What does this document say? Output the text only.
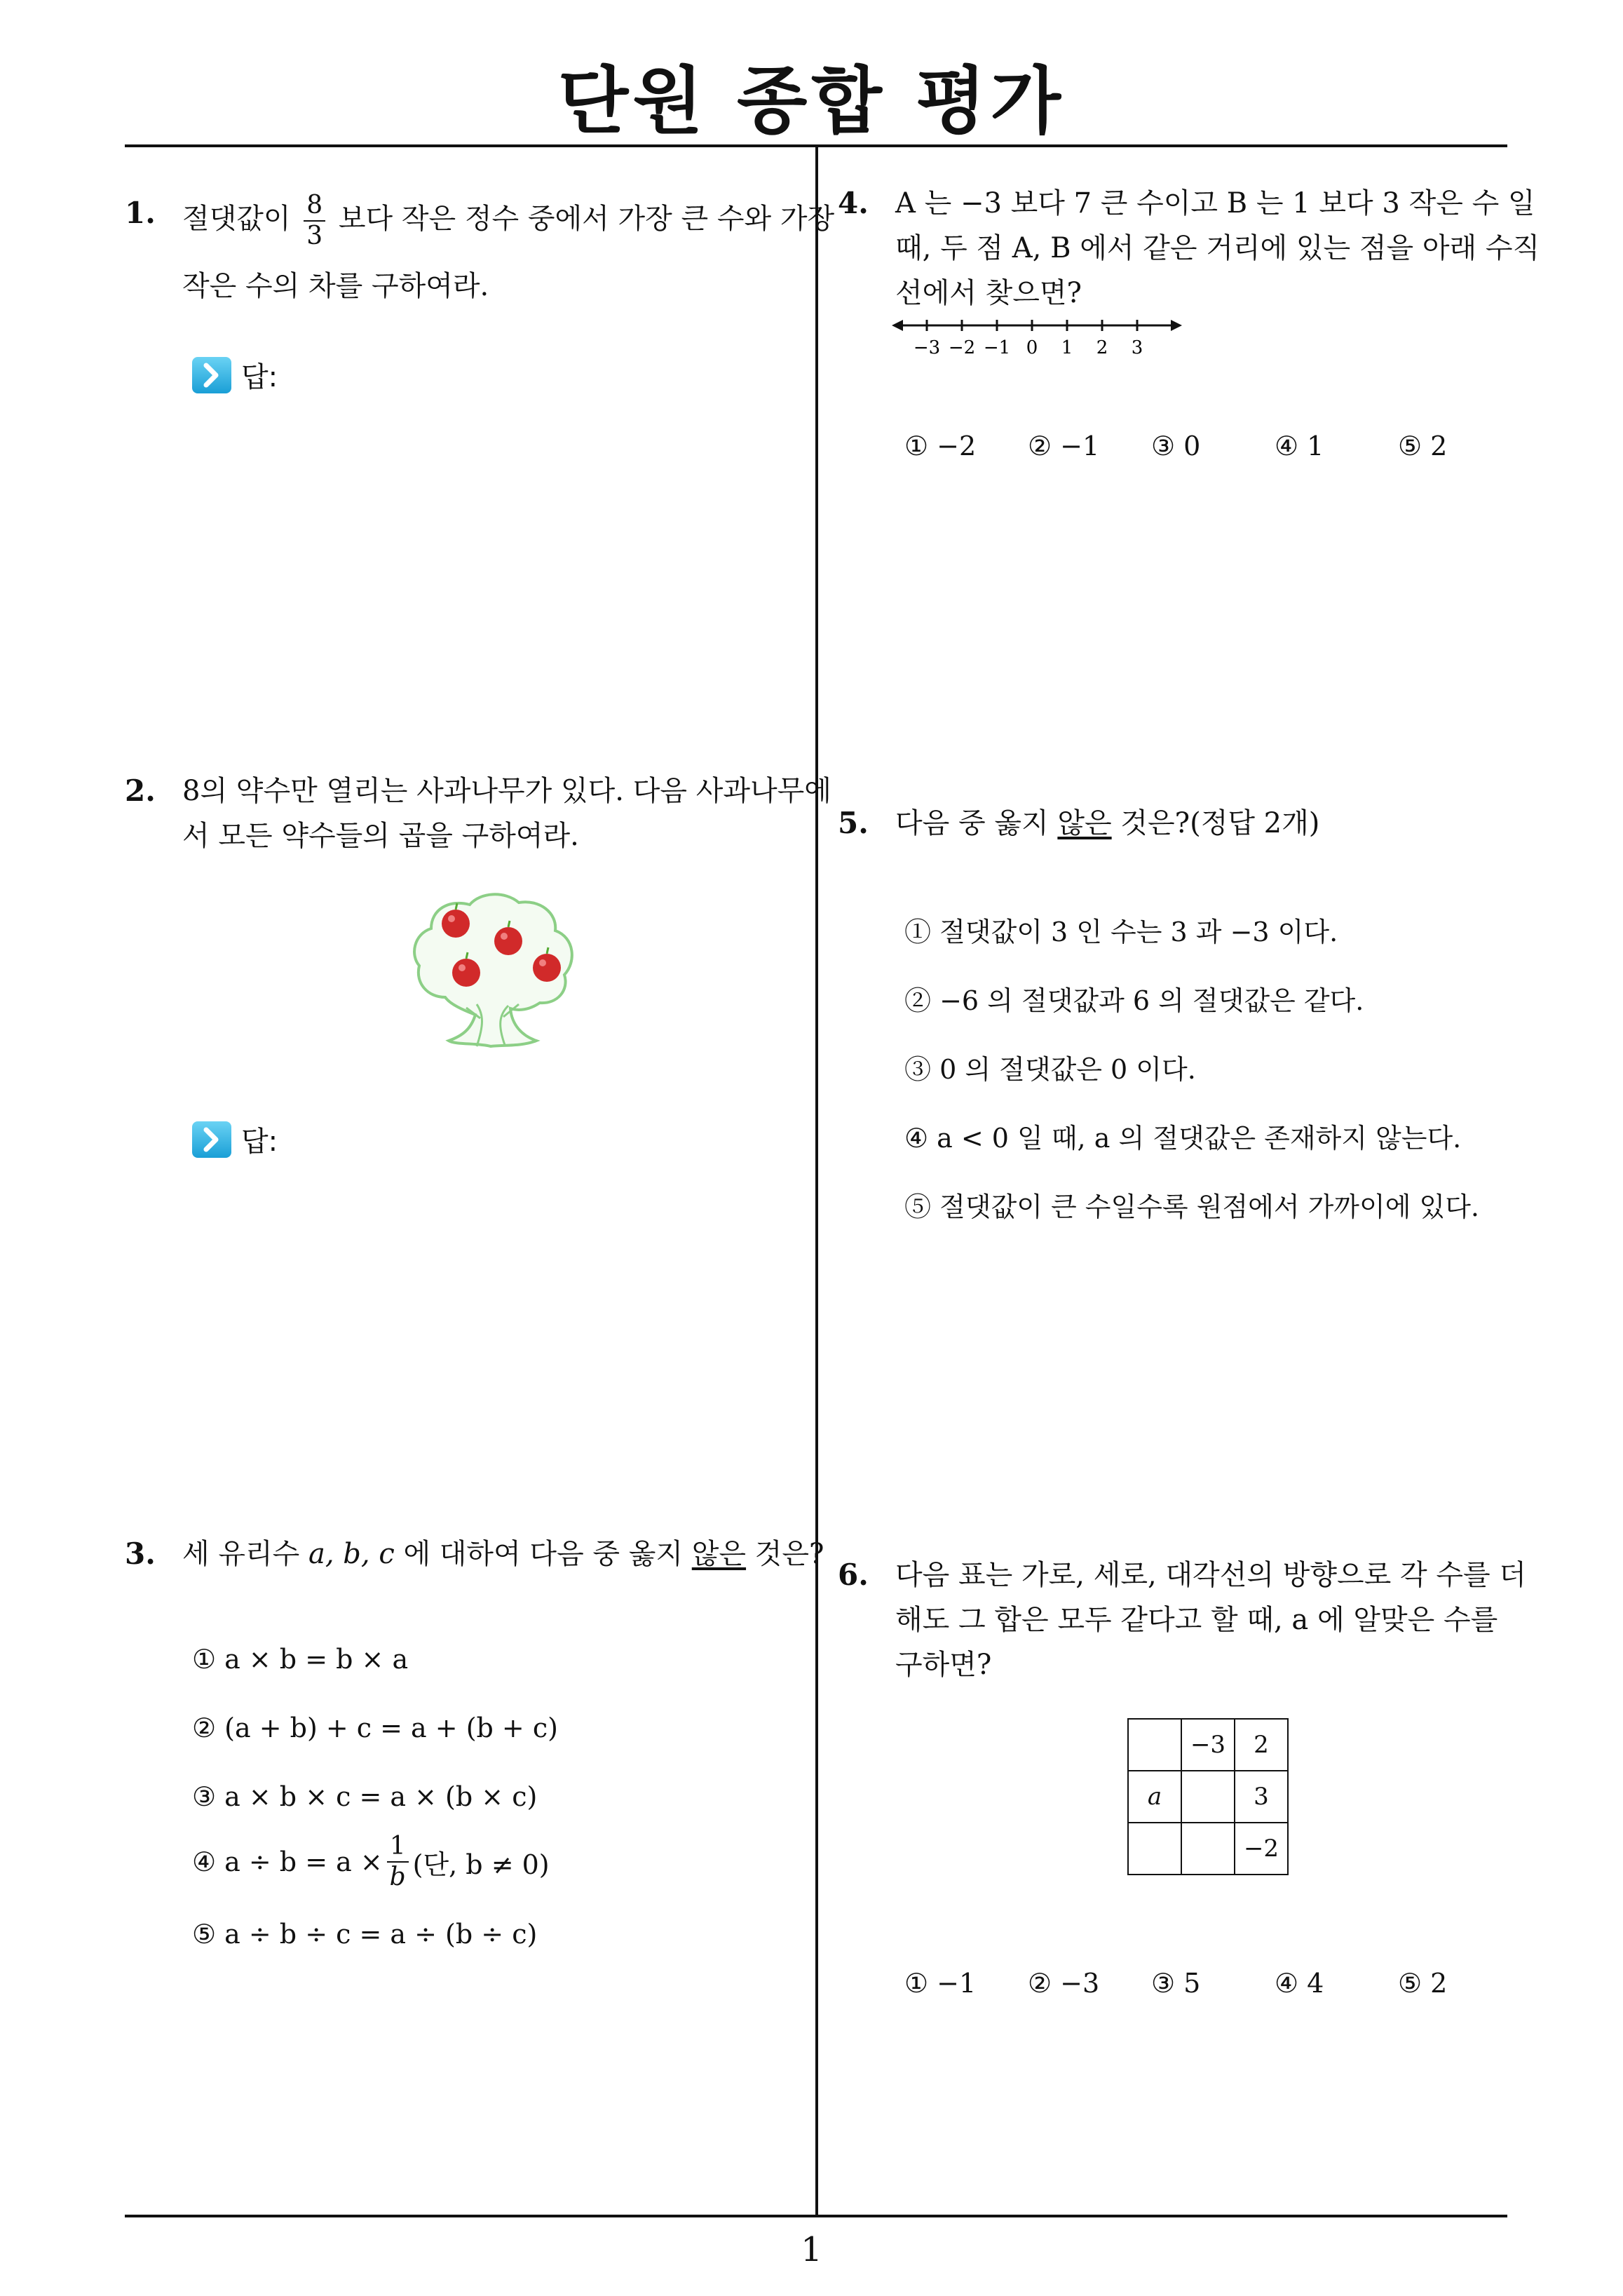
단원 종합 평가
1
1. 절댓값이 $\frac{8}{3}$ 보다 작은 정수 중에서 가장 큰 수와 가장
작은 수의 차를 구하여라.
답:
2. 8의 약수만 열리는 사과나무가 있다. 다음 사과나무에
서 모든 약수들의 곱을 구하여라.
답:
3. 세 유리수 a, b, c 에 대하여 다음 중 옳지 않은 것은?
① a × b = b × a
② (a + b) + c = a + (b + c)
③ a × b × c = a × (b × c)
④ $a \div b = a \times \frac{1}{b}$ (단, b ≠ 0)
⑤ a ÷ b ÷ c = a ÷ (b ÷ c)
4. A 는 −3 보다 7 큰 수이고 B 는 1 보다 3 작은 수 일
때, 두 점 A, B 에서 같은 거리에 있는 점을 아래 수직
선에서 찾으면?
−3 −2 −1 0 1 2 3
① −2	② −1	③ 0	④ 1	⑤ 2
5. 다음 중 옳지 않은 것은?(정답 2개)
① 절댓값이 3 인 수는 3 과 −3 이다.
② −6 의 절댓값과 6 의 절댓값은 같다.
③ 0 의 절댓값은 0 이다.
④ a < 0 일 때, a 의 절댓값은 존재하지 않는다.
⑤ 절댓값이 큰 수일수록 원점에서 가까이에 있다.
6. 다음 표는 가로, 세로, 대각선의 방향으로 각 수를 더
해도 그 합은 모두 같다고 할 때, a 에 알맞은 수를
구하면?
	−3	2
a		3
		−2
① −1	② −3	③ 5	④ 4	⑤ 2
